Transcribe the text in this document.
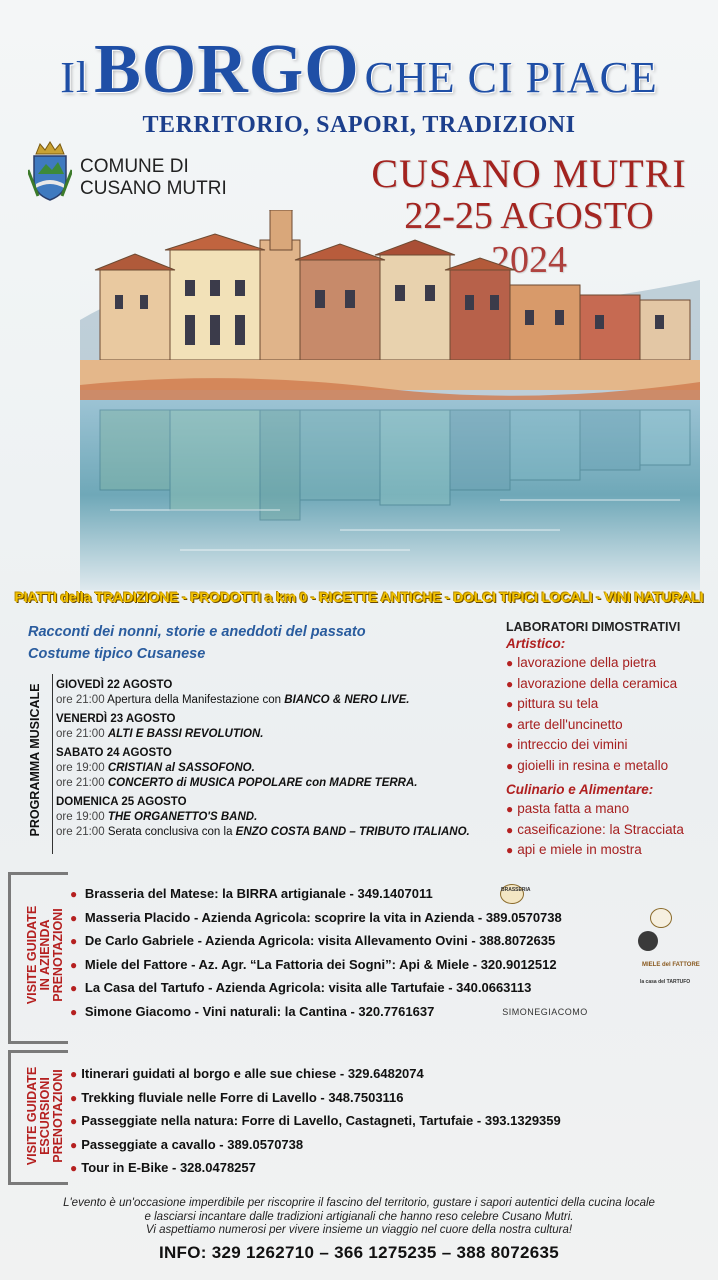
Il BORGO CHE CI PIACE
TERRITORIO, SAPORI, TRADIZIONI
COMUNE DI
CUSANO MUTRI	CUSANO MUTRI
PIATTI della TRADIZIONE - PRODOTTI a km 0 - RICETTE ANTICHE - DOLCI TIPICI LOCALI - VINI NATURALI
Racconti dei nonni, storie e aneddoti del passato
Costume tipico Cusanese
PROGRAMMA MUSICALE GIOVEDÌ 22 AGOSTO
ore 21:00 Apertura della Manifestazione con BIANCO & NERO LIVE.
VENERDÌ 23 AGOSTO
ore 21:00 ALTI E BASSI REVOLUTION.
SABATO 24 AGOSTO
ore 19:00 CRISTIAN al SASSOFONO.
ore 21:00 CONCERTO di MUSICA POPOLARE con MADRE TERRA.
DOMENICA 25 AGOSTO
ore 19:00 THE ORGANETTO'S BAND.
ore 21:00 Serata conclusiva con la ENZO COSTA BAND – TRIBUTO ITALIANO.
LABORATORI DIMOSTRATIVI
Artistico:
● lavorazione della pietra
● lavorazione della ceramica
● pittura su tela
● arte dell'uncinetto
● intreccio dei vimini
● gioielli in resina e metallo
Culinario e Alimentare:
● pasta fatta a mano
● caseificazione: la Stracciata
● api e miele in mostra
VISITE GUIDATE IN AZIENDA PRENOTAZIONI
● Brasseria del Matese: la BIRRA artigianale - 349.1407011	BRASSERIA
● Masseria Placido - Azienda Agricola: scoprire la vita in Azienda - 389.0570738
● De Carlo Gabriele - Azienda Agricola: visita Allevamento Ovini - 388.8072635
● Miele del Fattore - Az. Agr. “La Fattoria dei Sogni”: Api & Miele - 320.9012512	MIELE del FATTORE
● La Casa del Tartufo - Azienda Agricola: visita alle Tartufaie - 340.0663113	la casa del TARTUFO
● Simone Giacomo - Vini naturali: la Cantina - 320.7761637	SIMONEGIACOMO
VISITE GUIDATE ESCURSIONI PRENOTAZIONI
●	Itinerari guidati al borgo e alle sue chiese - 329.6482074
● Trekking fluviale nelle Forre di Lavello - 348.7503116
● Passeggiate nella natura: Forre di Lavello, Castagneti, Tartufaie - 393.1329359
● Passeggiate a cavallo - 389.0570738
● Tour in E-Bike - 328.0478257
L'evento è un'occasione imperdibile per riscoprire il fascino del territorio, gustare i sapori autentici della cucina locale
e lasciarsi incantare dalle tradizioni artigianali che hanno reso celebre Cusano Mutri.
Vi aspettiamo numerosi per vivere insieme un viaggio nel cuore della nostra cultura!
INFO: 329 1262710 – 366 1275235 – 388 8072635
